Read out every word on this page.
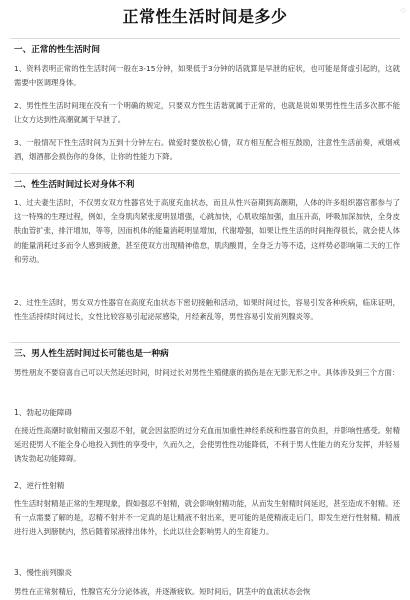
正常性生活时间是多少	◇
一、正常的性生活时间
1、资料表明正常的性生活时间一般在3-15分钟，如果低于3分钟的话就算是早泄的症状，也可能是肾虚引起的，这就需要中医调理身体。
2、男性性生活时间现在没有一个明确的规定，只要双方性生活谐就属于正常的，也就是说如果男性性生活多次都不能让女方达到性高潮就属于早泄了。
3、一般情况下性生活时间为五到十分钟左右。做爱时要放松心情，双方相互配合相互鼓励，注意性生活前奏，戒烟戒酒，烟酒都会损伤你的身体，让你的性能力下降。
二、性生活时间过长对身体不利
1、过夫妻生活时，不仅男女双方性器官处于高度充血状态，而且从性兴奋期到高潮期，人体的许多组织器官都参与了这一特殊的生理过程，例如，全身肌肉紧张度明显增强，心跳加快，心肌收缩加强，血压升高，呼吸加深加快，全身皮肤血管扩张，排汗增加，等等，因而机体的能量消耗明显增加，代谢增强，如果让性生活的时间拖得很长，就会使人体的能量消耗过多而令人感到疲惫，甚至使双方出现精神倦怠，肌肉酸胃，全身乏力等不适，这样势必影响第二天的工作和劳动。
2、过性生活时，男女双方性器官在高度充血状态下密切接触和活动，如果时间过长，容易引发各种疾病，临床证明，性生活持续时间过长，女性比较容易引起泌尿感染，月经紊乱等，男性容易引发前列腺炎等。
三、男人性生活时间过长可能也是一种病
男性朋友不要窃喜自己可以天然延迟时间，时间过长对男性生殖健康的损伤是在无影无形之中。具体涉及到三个方面：
1、勃起功能障碍
在接近性高潮时欲射精而又强忍不射，就会因盆腔的过分充血而加重性神经系统和性器官的负担，并影响性感受。射精延迟使男人不能全身心地投入到性的享受中，久而久之，会使男性性功能降低，不利于男人性能力的充分发挥，并轻易诱发勃起功能障碍。
2、逆行性射精
性生活时射精是正常的生理现象，假如强忍不射精，就会影响射精功能，从而发生射精时间延迟，甚至造成不射精。还有一点需要了解的是，忍精不射并不一定真的是让精液不射出来，更可能的是使精液走后门，即发生逆行性射精。精液进行进入到膀胱内，然后随着尿液排出体外，长此以往会影响男人的生育能力。
3、慢性前列腺炎
男性在正常射精后，性腺官充分分泌体液，并逐渐疲软。短时间后，阴茎中的血流状态会恢
